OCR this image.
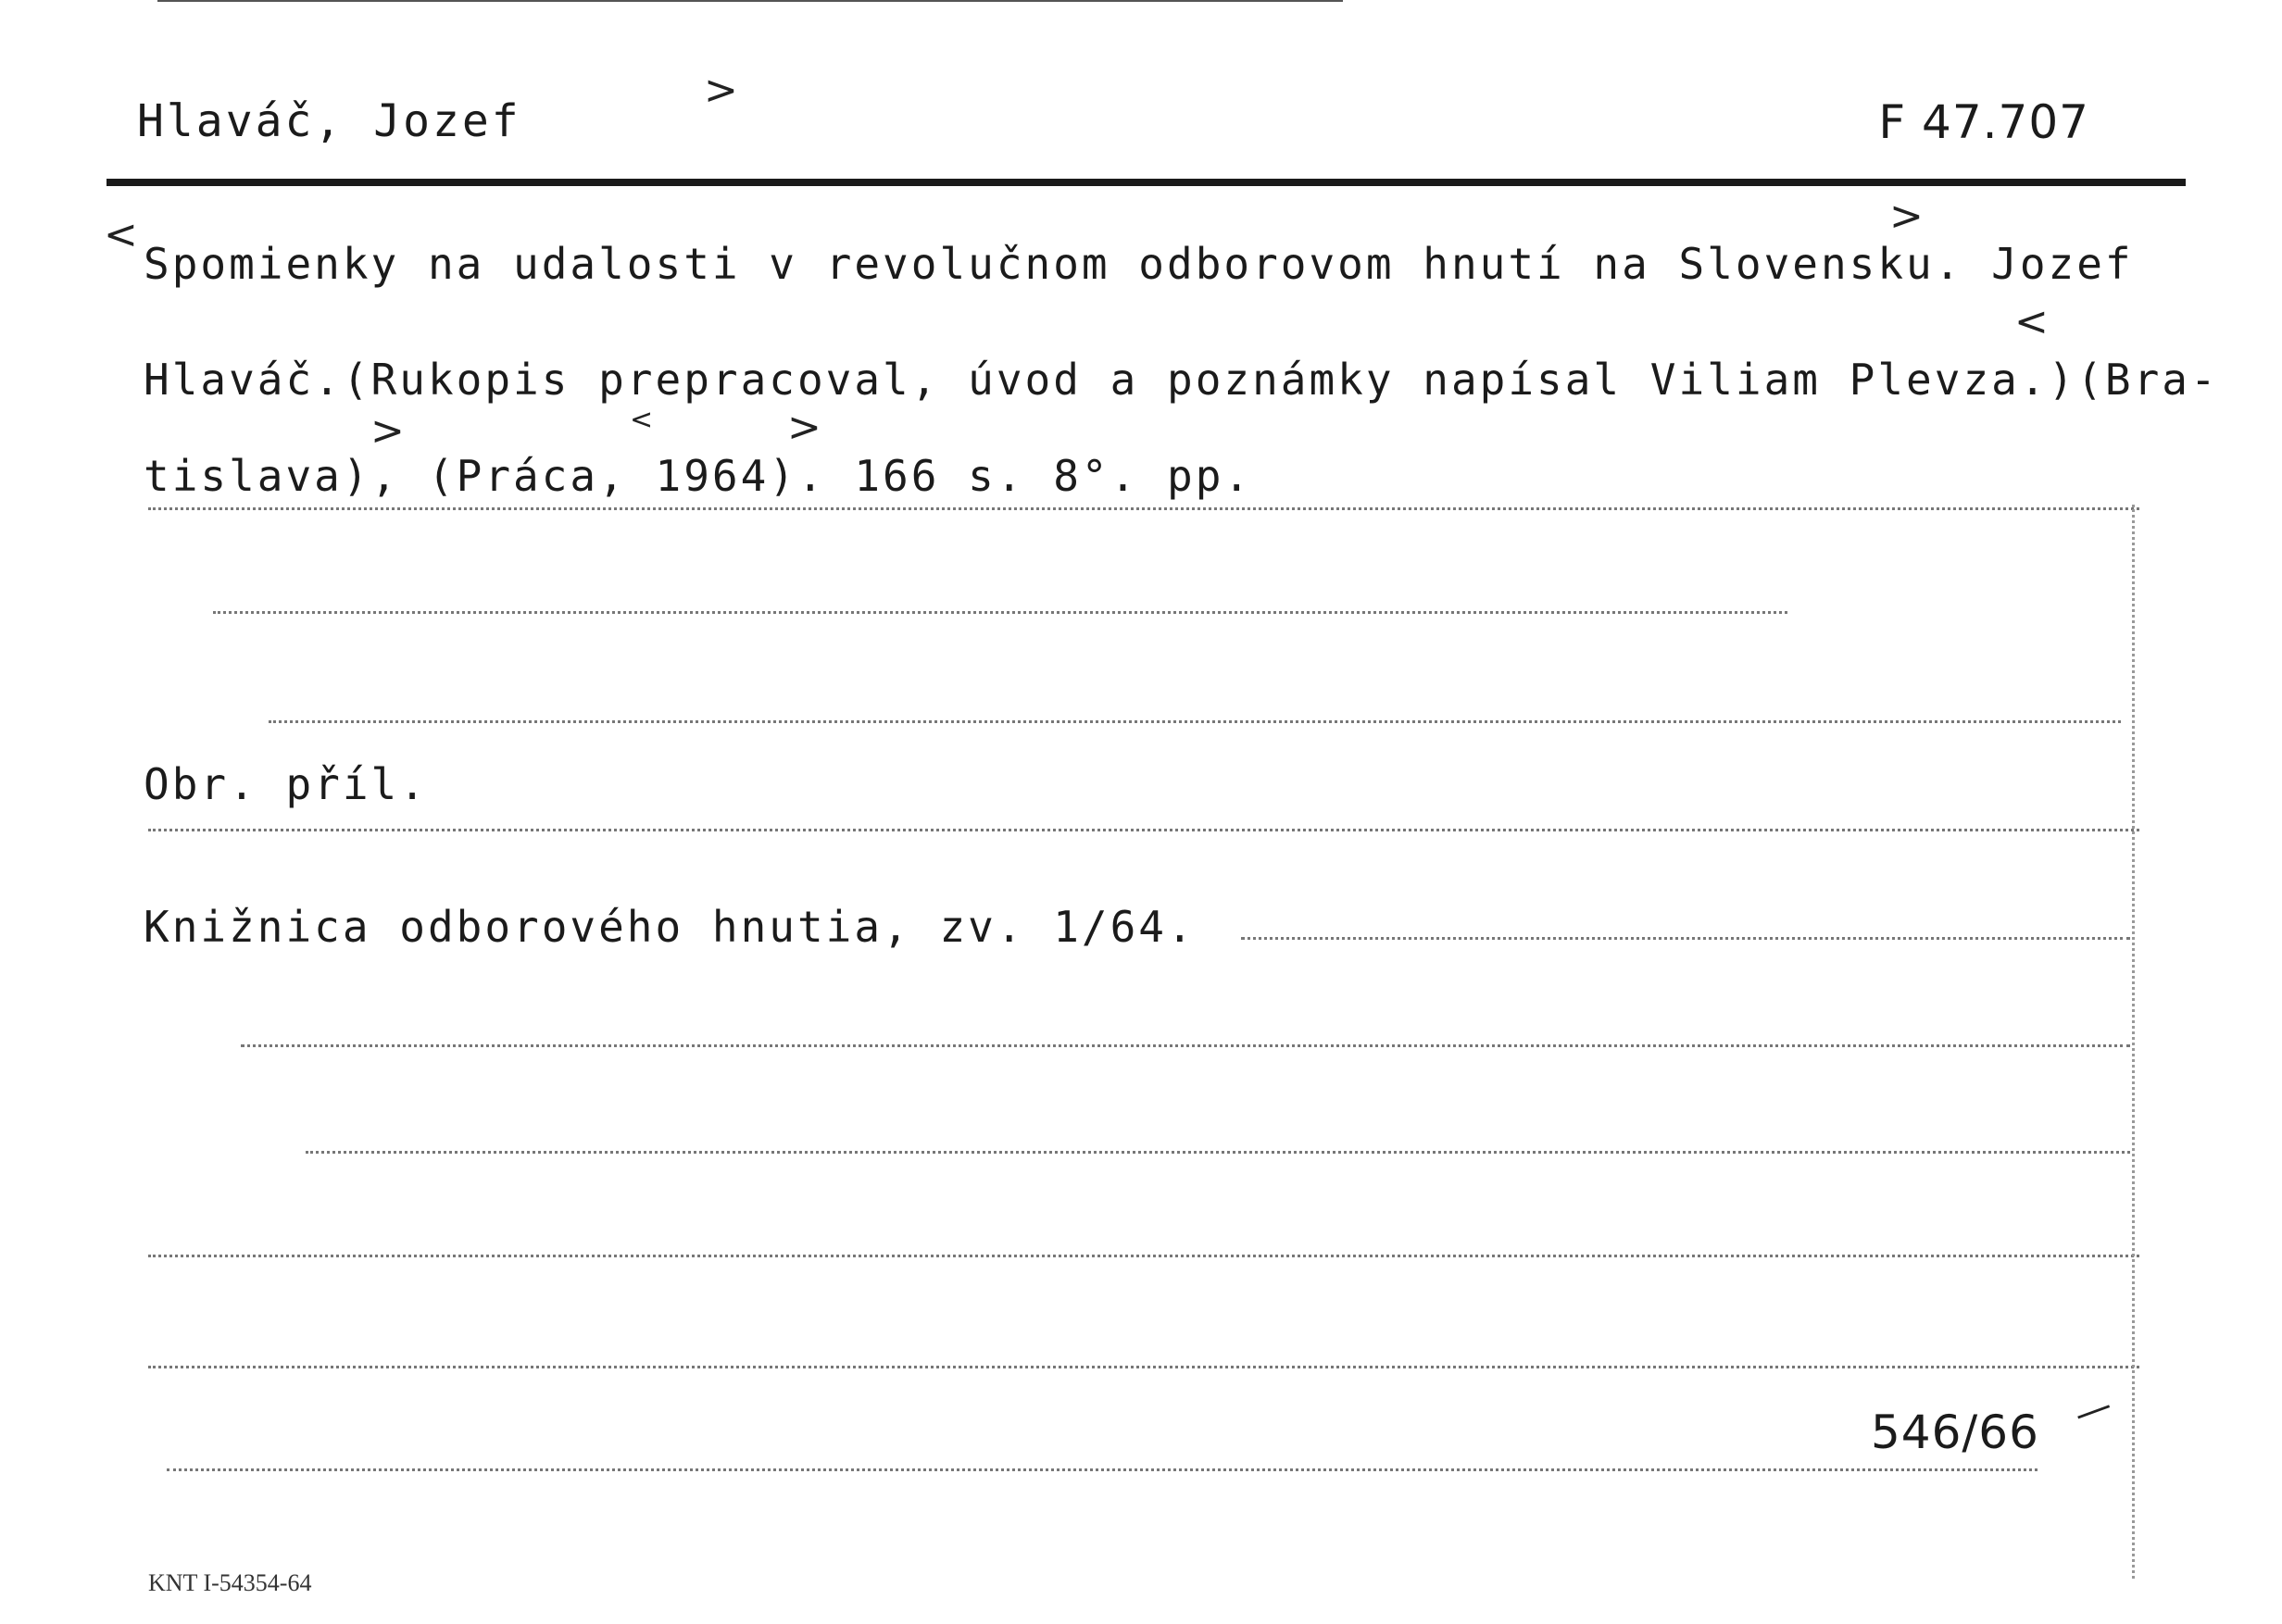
Hlaváč, Jozef
>
F 47.707
<
Spomienky na udalosti v revolučnom odborovom hnutí na Slovensku. Jozef
>
<
Hlaváč.(Rukopis prepracoval, úvod a poznámky napísal Viliam Plevza.)(Bra-
>	<	>
tislava), (Práca, 1964). 166 s. 8°. pp.
Obr. příl.
Knižnica odborového hnutia, zv. 1/64.
546/66 —
KNT I-54354-64
